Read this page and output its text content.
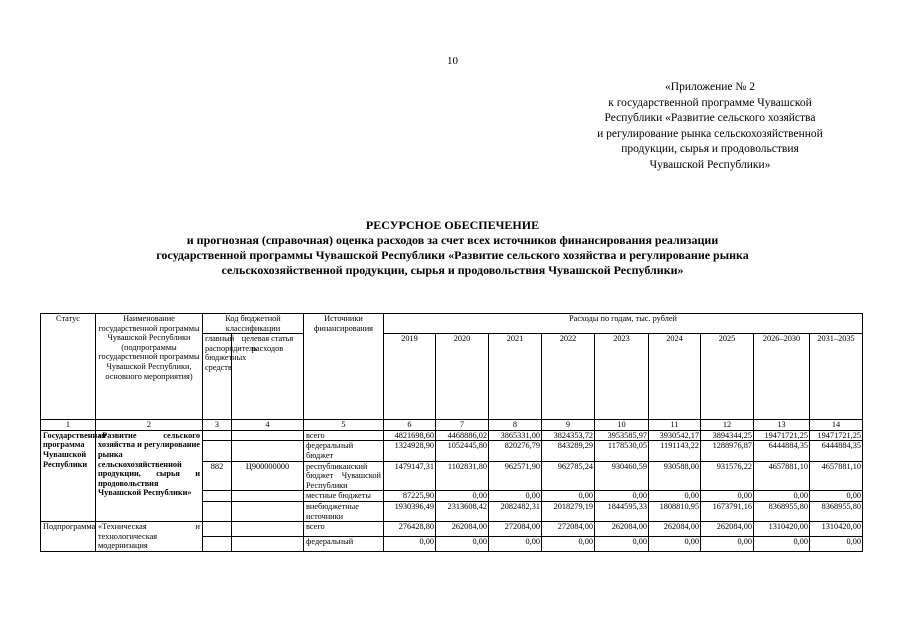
10
«Приложение № 2
к государственной программе Чувашской
Республики «Развитие сельского хозяйства
и регулирование рынка сельскохозяйственной
продукции, сырья и продовольствия
Чувашской Республики»
РЕСУРСНОЕ ОБЕСПЕЧЕНИЕ
и прогнозная (справочная) оценка расходов за счет всех источников финансирования реализации
государственной программы Чувашской Республики «Развитие сельского хозяйства и регулирование рынка
сельскохозяйственной продукции, сырья и продовольствия Чувашской Республики»
Статус	Наименование государственной программы Чувашской Республики (подпрограммы государственной программы Чувашской Республики, основного мероприятия)	Код бюджетной классификации		Источники финансирования	Расходы по годам, тыс. рублей								
		главный распорядитель бюджетных средств	целевая статья расходов		2019	2020	2021	2022	2023	2024	2025	2026–2030	2031–2035
1	2	3	4	5	6	7	8	9	10	11	12	13	14
Государственная программа Чувашской Республики	«Развитие сельского хозяйства и регулирование рынка сельскохозяйственной продукции, сырья и продовольствия Чувашской Республики»			всего	4821698,60	4468886,02	3865331,00	3824353,72	3953585,97	3930542,17	3894344,25	19471721,25	19471721,25
				федеральный бюджет	1324928,90	1052445,80	820276,79	843289,29	1178530,05	1191143,22	1288976,87	6444884,35	6444884,35
		882	Ц900000000	республиканский бюджет Чувашской Республики	1479147,31	1102831,80	962571,90	962785,24	930460,59	930588,00	931576,22	4657881,10	4657881,10
				местные бюджеты	87225,90	0,00	0,00	0,00	0,00	0,00	0,00	0,00	0,00
				внебюджетные источники	1930396,49	2313608,42	2082482,31	2018279,19	1844595,33	1808810,95	1673791,16	8368955,80	8368955,80
Подпрограмма	«Техническая и технологическая модернизация			всего	276428,80	262084,00	272084,00	272084,00	262084,00	262084,00	262084,00	1310420,00	1310420,00
				федеральный	0,00	0,00	0,00	0,00	0,00	0,00	0,00	0,00	0,00
